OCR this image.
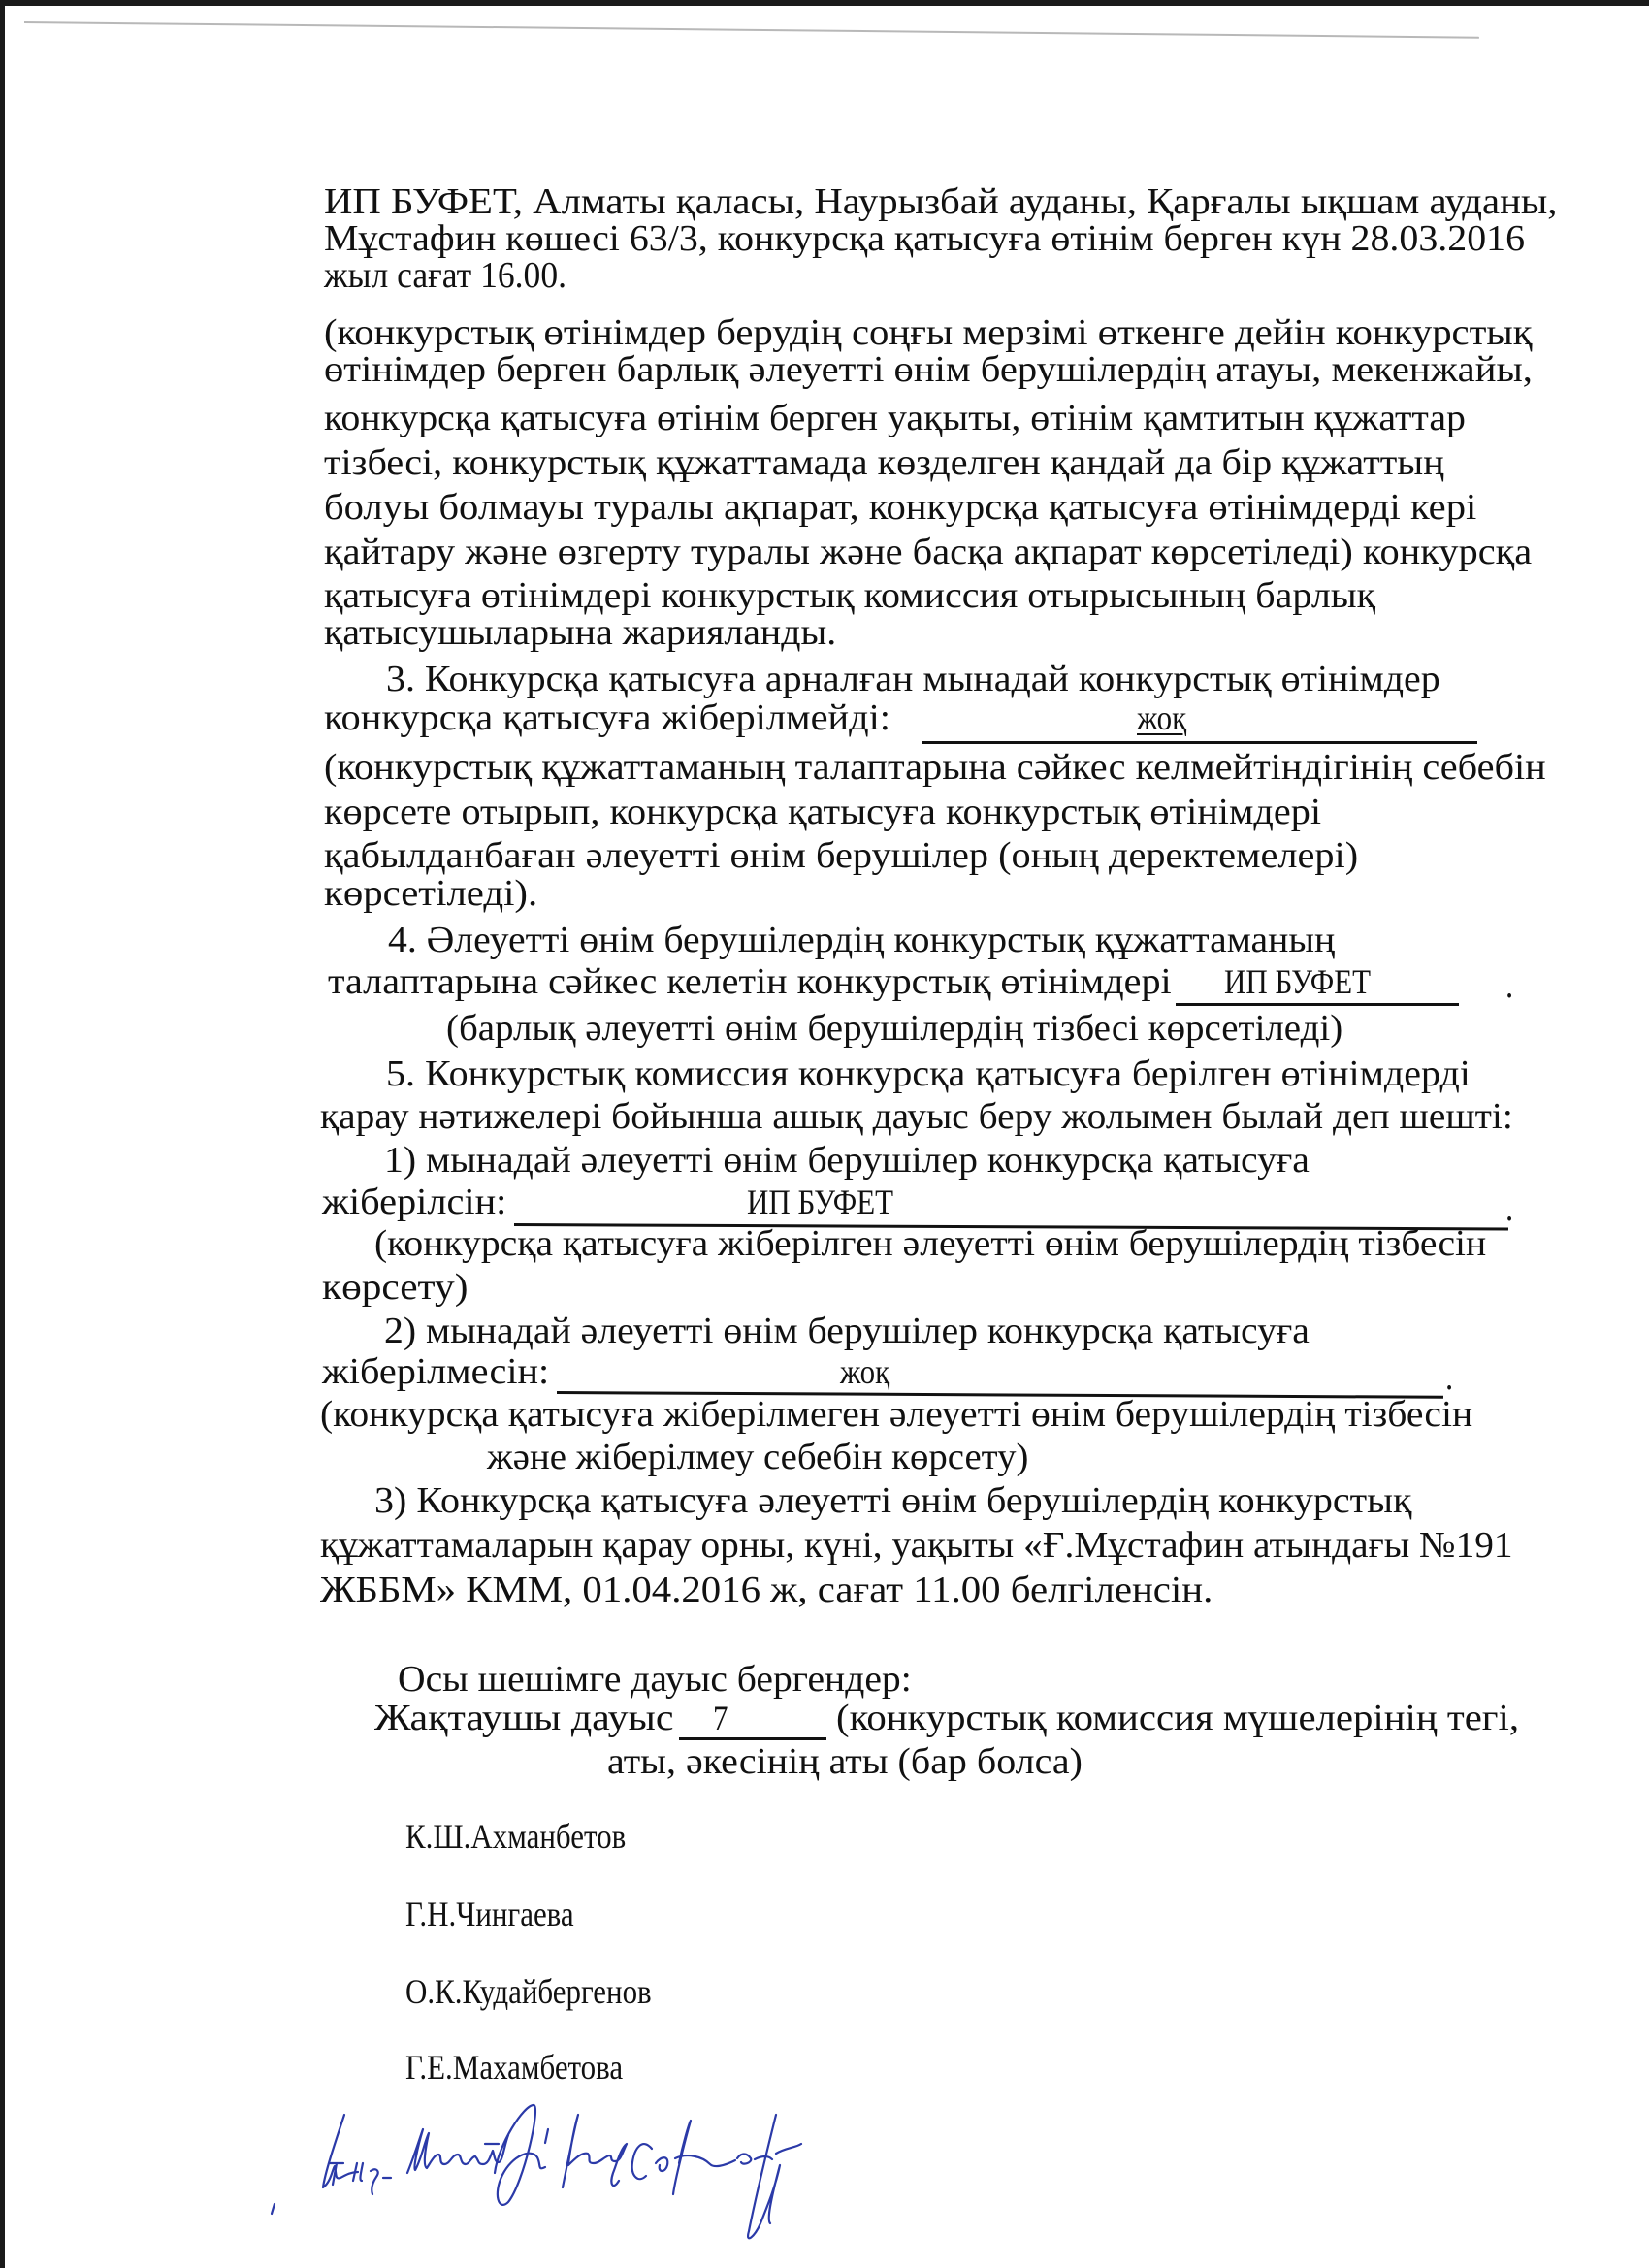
ИП БУФЕТ, Алматы қаласы, Наурызбай ауданы, Қарғалы ықшам ауданы,
Мұстафин көшесі 63/3, конкурсқа қатысуға өтінім берген күн 28.03.2016
жыл сағат 16.00.
(конкурстық өтінімдер берудің соңғы мерзімі өткенге дейін конкурстық
өтінімдер берген барлық әлеуетті өнім берушілердің атауы, мекенжайы,
конкурсқа қатысуға өтінім берген уақыты, өтінім қамтитын құжаттар
тізбесі, конкурстық құжаттамада көзделген қандай да бір құжаттың
болуы болмауы туралы ақпарат, конкурсқа қатысуға өтінімдерді кері
қайтару және өзгерту туралы және басқа ақпарат көрсетіледі) конкурсқа
қатысуға өтінімдері конкурстық комиссия отырысының барлық
қатысушыларына жарияланды.
3. Конкурсқа қатысуға арналған мынадай конкурстық өтінімдер
конкурсқа қатысуға жіберілмейді:	жоқ
(конкурстық құжаттаманың талаптарына сәйкес келмейтіндігінің себебін
көрсете отырып, конкурсқа қатысуға конкурстық өтінімдері
қабылданбаған әлеуетті өнім берушілер (оның деректемелері)
көрсетіледі).
4. Әлеуетті өнім берушілердің конкурстық құжаттаманың
талаптарына сәйкес келетін конкурстық өтінімдері ИП БУФЕТ	.
(барлық әлеуетті өнім берушілердің тізбесі көрсетіледі)
5. Конкурстық комиссия конкурсқа қатысуға берілген өтінімдерді
қарау нәтижелері бойынша ашық дауыс беру жолымен былай деп шешті:
1) мынадай әлеуетті өнім берушілер конкурсқа қатысуға
жіберілсін:	ИП БУФЕТ	.
(конкурсқа қатысуға жіберілген әлеуетті өнім берушілердің тізбесін
көрсету)
2) мынадай әлеуетті өнім берушілер конкурсқа қатысуға
жіберілмесін:	жоқ	.
(конкурсқа қатысуға жіберілмеген әлеуетті өнім берушілердің тізбесін
және жіберілмеу себебін көрсету)
3) Конкурсқа қатысуға әлеуетті өнім берушілердің конкурстық
құжаттамаларын қарау орны, күні, уақыты «Ғ.Мұстафин атындағы №191
ЖББМ» КММ, 01.04.2016 ж, сағат 11.00 белгіленсін.
Осы шешімге дауыс бергендер:
Жақтаушы дауыс 7	(конкурстық комиссия мүшелерінің тегі,
аты, әкесінің аты (бар болса)
К.Ш.Ахманбетов
Г.Н.Чингаева
О.К.Кудайбергенов
Г.Е.Махамбетова
